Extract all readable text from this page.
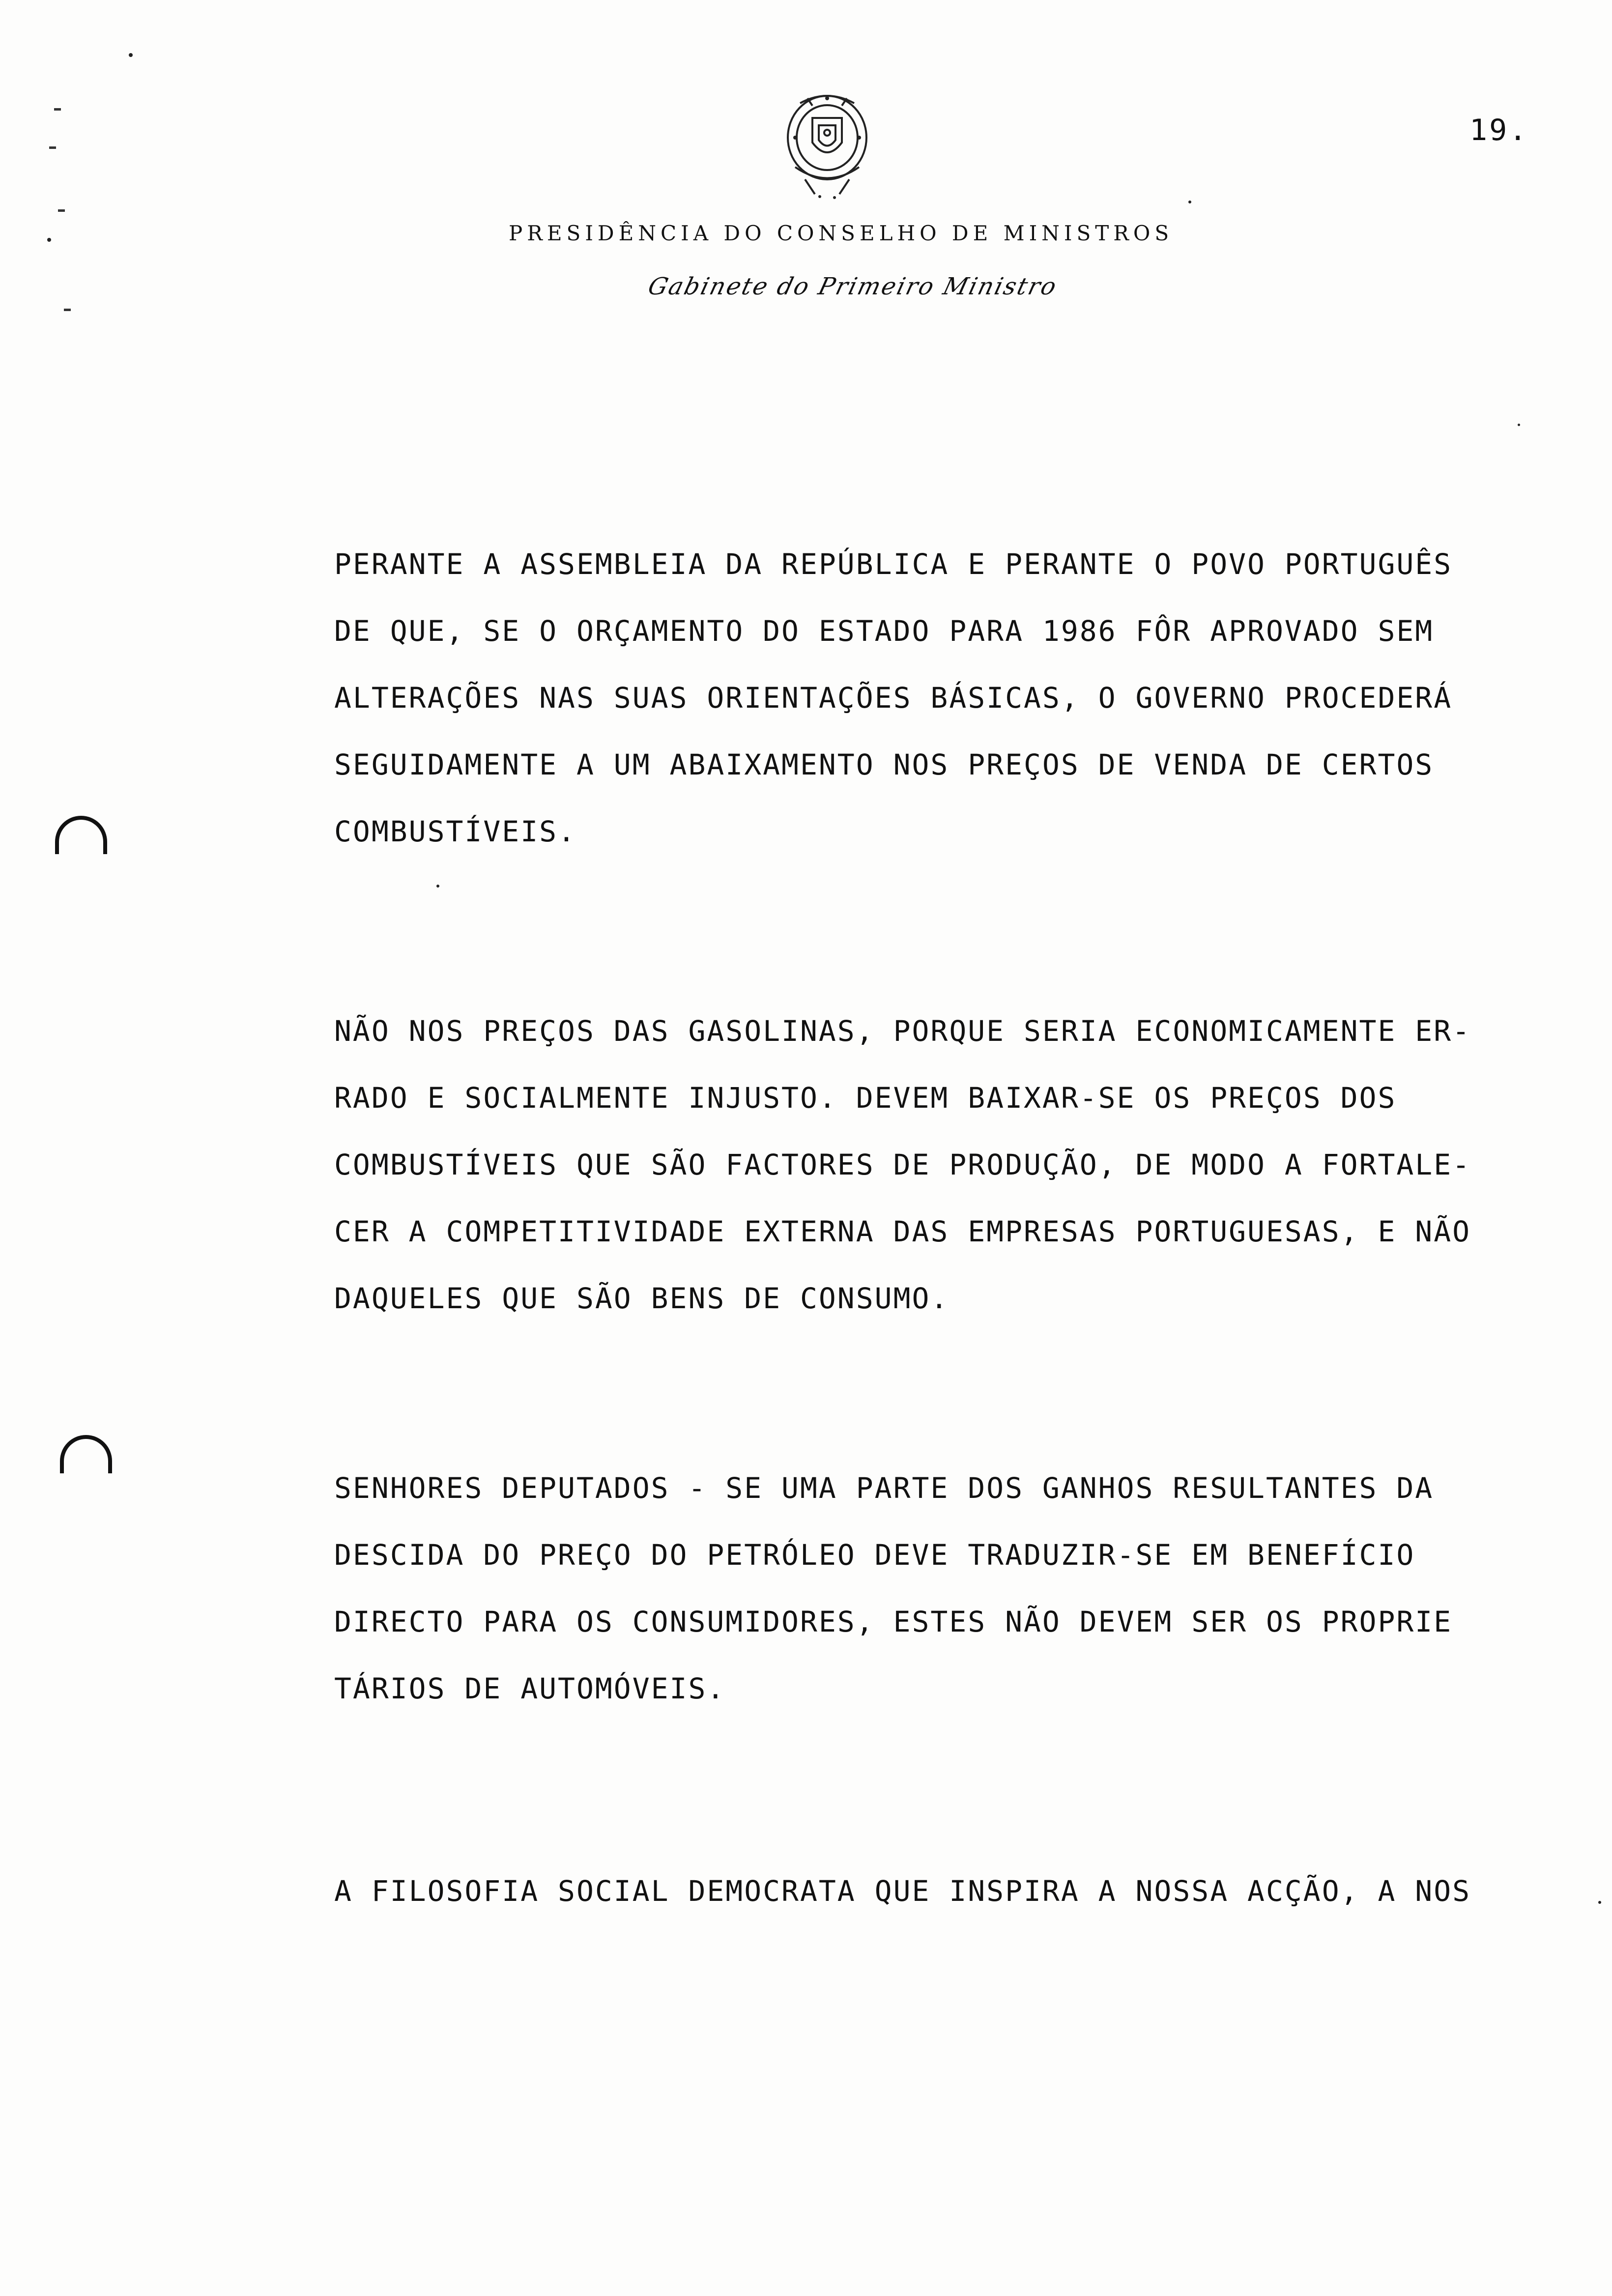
19.
PRESIDÊNCIA DO CONSELHO DE MINISTROS
Gabinete do Primeiro Ministro
PERANTE A ASSEMBLEIA DA REPÚBLICA E PERANTE O POVO PORTUGUÊS
DE QUE, SE O ORÇAMENTO DO ESTADO PARA 1986 FÔR APROVADO SEM
ALTERAÇÕES NAS SUAS ORIENTAÇÕES BÁSICAS, O GOVERNO PROCEDERÁ
SEGUIDAMENTE A UM ABAIXAMENTO NOS PREÇOS DE VENDA DE CERTOS
COMBUSTÍVEIS.
NÃO NOS PREÇOS DAS GASOLINAS, PORQUE SERIA ECONOMICAMENTE ER-
RADO E SOCIALMENTE INJUSTO. DEVEM BAIXAR-SE OS PREÇOS DOS
COMBUSTÍVEIS QUE SÃO FACTORES DE PRODUÇÃO, DE MODO A FORTALE-
CER A COMPETITIVIDADE EXTERNA DAS EMPRESAS PORTUGUESAS, E NÃO
DAQUELES QUE SÃO BENS DE CONSUMO.
SENHORES DEPUTADOS - SE UMA PARTE DOS GANHOS RESULTANTES DA
DESCIDA DO PREÇO DO PETRÓLEO DEVE TRADUZIR-SE EM BENEFÍCIO
DIRECTO PARA OS CONSUMIDORES, ESTES NÃO DEVEM SER OS PROPRIE
TÁRIOS DE AUTOMÓVEIS.
A FILOSOFIA SOCIAL DEMOCRATA QUE INSPIRA A NOSSA ACÇÃO, A NOS
